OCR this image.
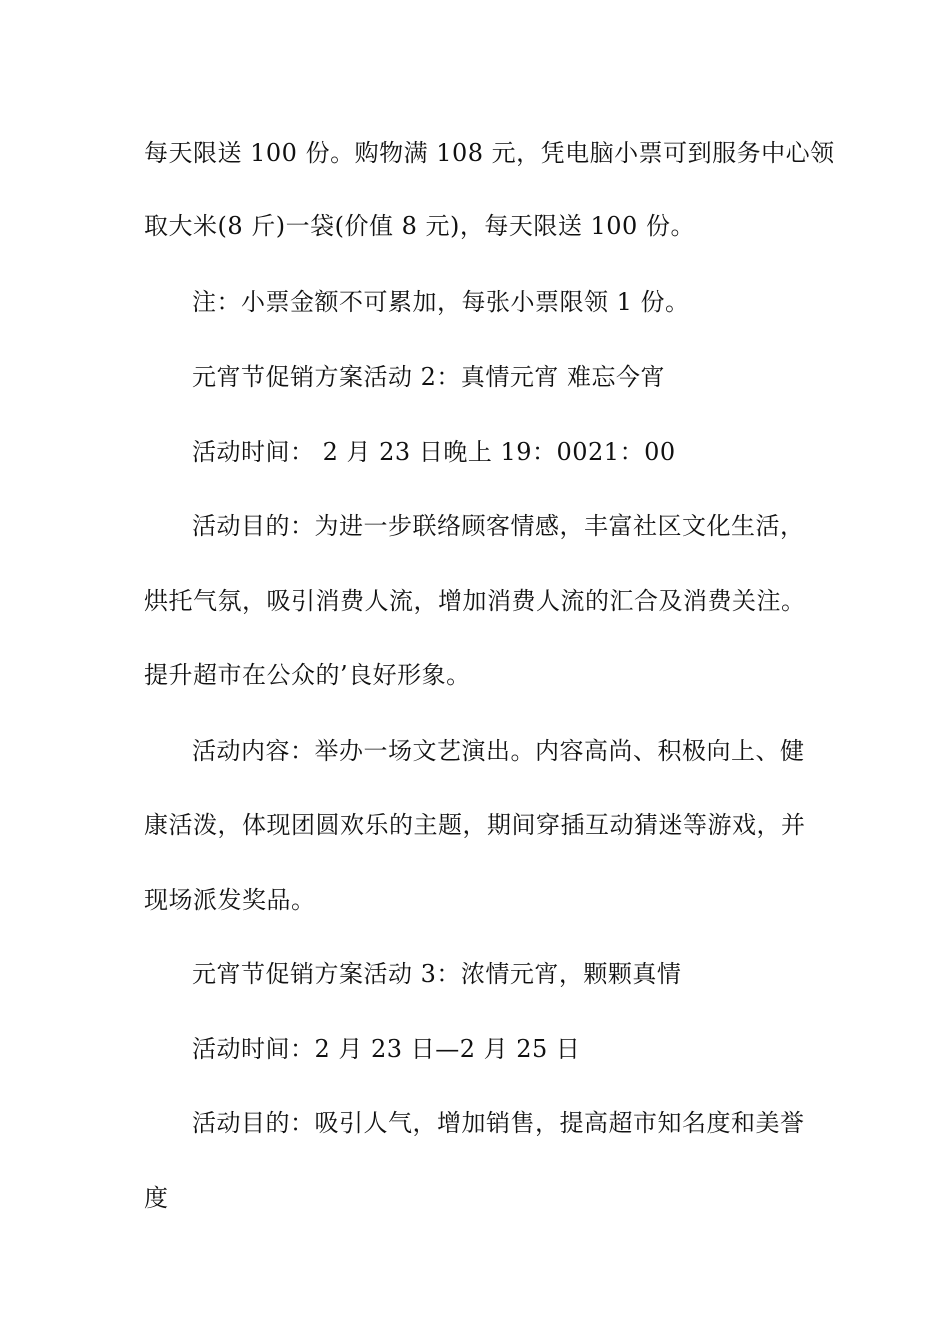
每天限送 100 份。购物满 108 元，凭电脑小票可到服务中心领
取大米(8 斤)一袋(价值 8 元)，每天限送 100 份。
注：小票金额不可累加，每张小票限领 1 份。
元宵节促销方案活动 2：真情元宵 难忘今宵
活动时间： 2 月 23 日晚上 19：0021：00
活动目的：为进一步联络顾客情感，丰富社区文化生活，
烘托气氛，吸引消费人流，增加消费人流的汇合及消费关注。
提升超市在公众的’良好形象。
活动内容：举办一场文艺演出。内容高尚、积极向上、健
康活泼，体现团圆欢乐的主题，期间穿插互动猜迷等游戏，并
现场派发奖品。
元宵节促销方案活动 3：浓情元宵，颗颗真情
活动时间：2 月 23 日—2 月 25 日
活动目的：吸引人气，增加销售，提高超市知名度和美誉
度
